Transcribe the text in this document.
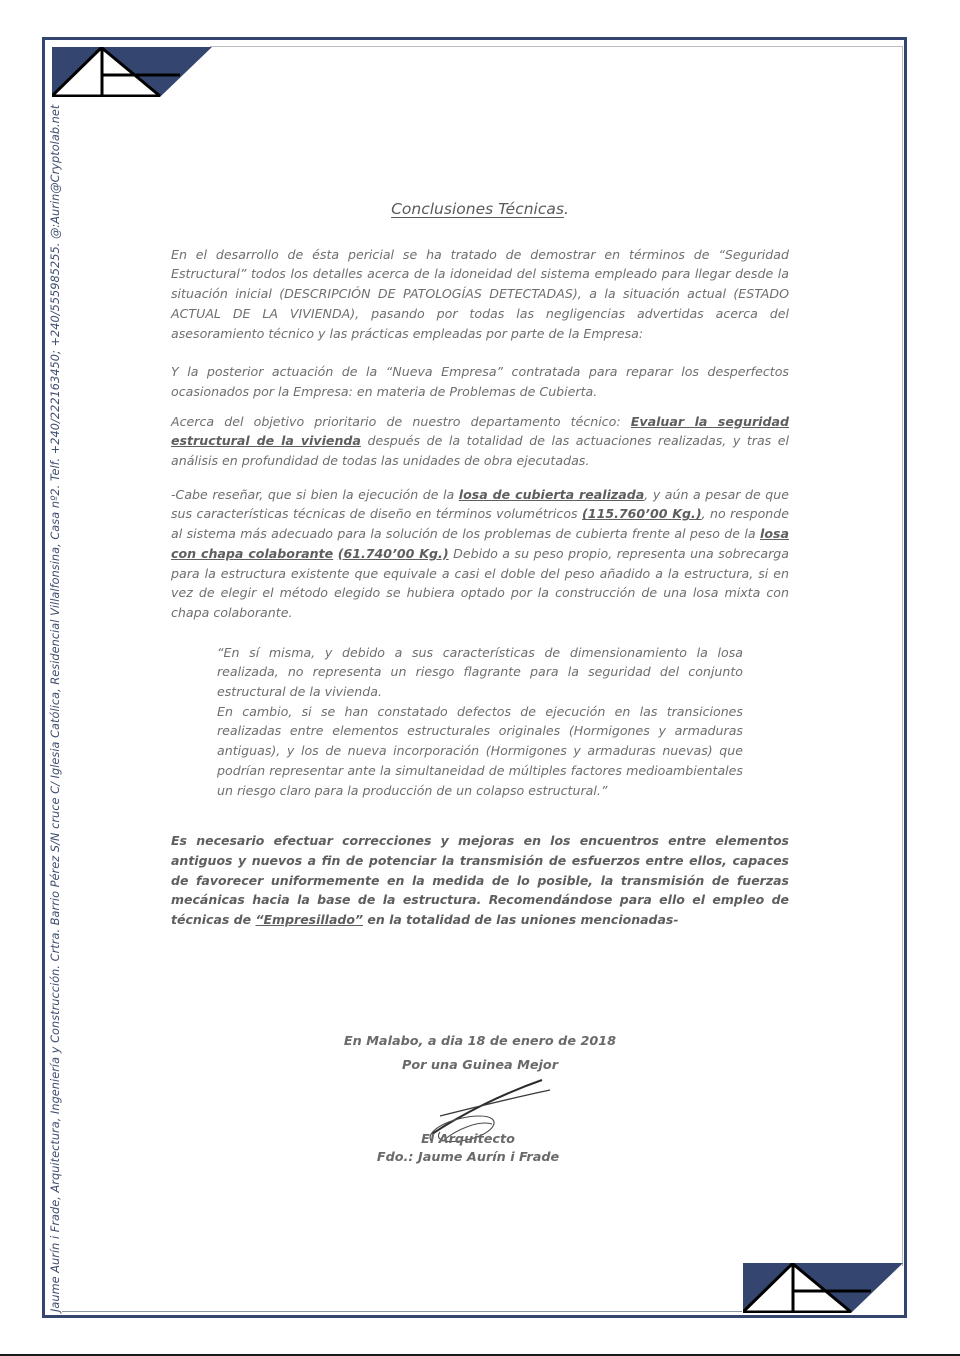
Jaume Aurín i Frade, Arquitectura, Ingeniería y Construcción. Crtra. Barrio Pérez S/N cruce C/ Iglesia Católica, Residencial Villalfonsina, Casa nº2. Telf. +240/222163450; +240/555985255. @:Aurin@Cryptolab.net	Conclusiones Técnicas.

En el desarrollo de ésta pericial se ha tratado de demostrar en términos de “Seguridad Estructural” todos los detalles acerca de la idoneidad del sistema empleado para llegar desde la situación inicial (DESCRIPCIÓN DE PATOLOGÍAS DETECTADAS), a la situación actual (ESTADO ACTUAL DE LA VIVIENDA), pasando por todas las negligencias advertidas acerca del asesoramiento técnico y las prácticas empleadas por parte de la Empresa:

Y la posterior actuación de la “Nueva Empresa” contratada para reparar los desperfectos ocasionados por la Empresa: en materia de Problemas de Cubierta.

Acerca del objetivo prioritario de nuestro departamento técnico: Evaluar la seguridad estructural de la vivienda después de la totalidad de las actuaciones realizadas, y tras el análisis en profundidad de todas las unidades de obra ejecutadas.

-Cabe reseñar, que si bien la ejecución de la losa de cubierta realizada, y aún a pesar de que sus características técnicas de diseño en términos volumétricos (115.760’00 Kg.), no responde al sistema más adecuado para la solución de los problemas de cubierta frente al peso de la losa con chapa colaborante (61.740’00 Kg.) Debido a su peso propio, representa una sobrecarga para la estructura existente que equivale a casi el doble del peso añadido a la estructura, si en vez de elegir el método elegido se hubiera optado por la construcción de una losa mixta con chapa colaborante.

“En sí misma, y debido a sus características de dimensionamiento la losa realizada, no representa un riesgo flagrante para la seguridad del conjunto estructural de la vivienda.

En cambio, si se han constatado defectos de ejecución en las transiciones realizadas entre elementos estructurales originales (Hormigones y armaduras antiguas), y los de nueva incorporación (Hormigones y armaduras nuevas) que podrían representar ante la simultaneidad de múltiples factores medioambientales un riesgo claro para la producción de un colapso estructural.”

Es necesario efectuar correcciones y mejoras en los encuentros entre elementos antiguos y nuevos a fin de potenciar la transmisión de esfuerzos entre ellos, capaces de favorecer uniformemente en la medida de lo posible, la transmisión de fuerzas mecánicas hacia la base de la estructura. Recomendándose para ello el empleo de técnicas de “Empresillado” en la totalidad de las uniones mencionadas-

En Malabo, a dia 18 de enero de 2018
Por una Guinea Mejor
El Arquitecto
Fdo.: Jaume Aurín i Frade
